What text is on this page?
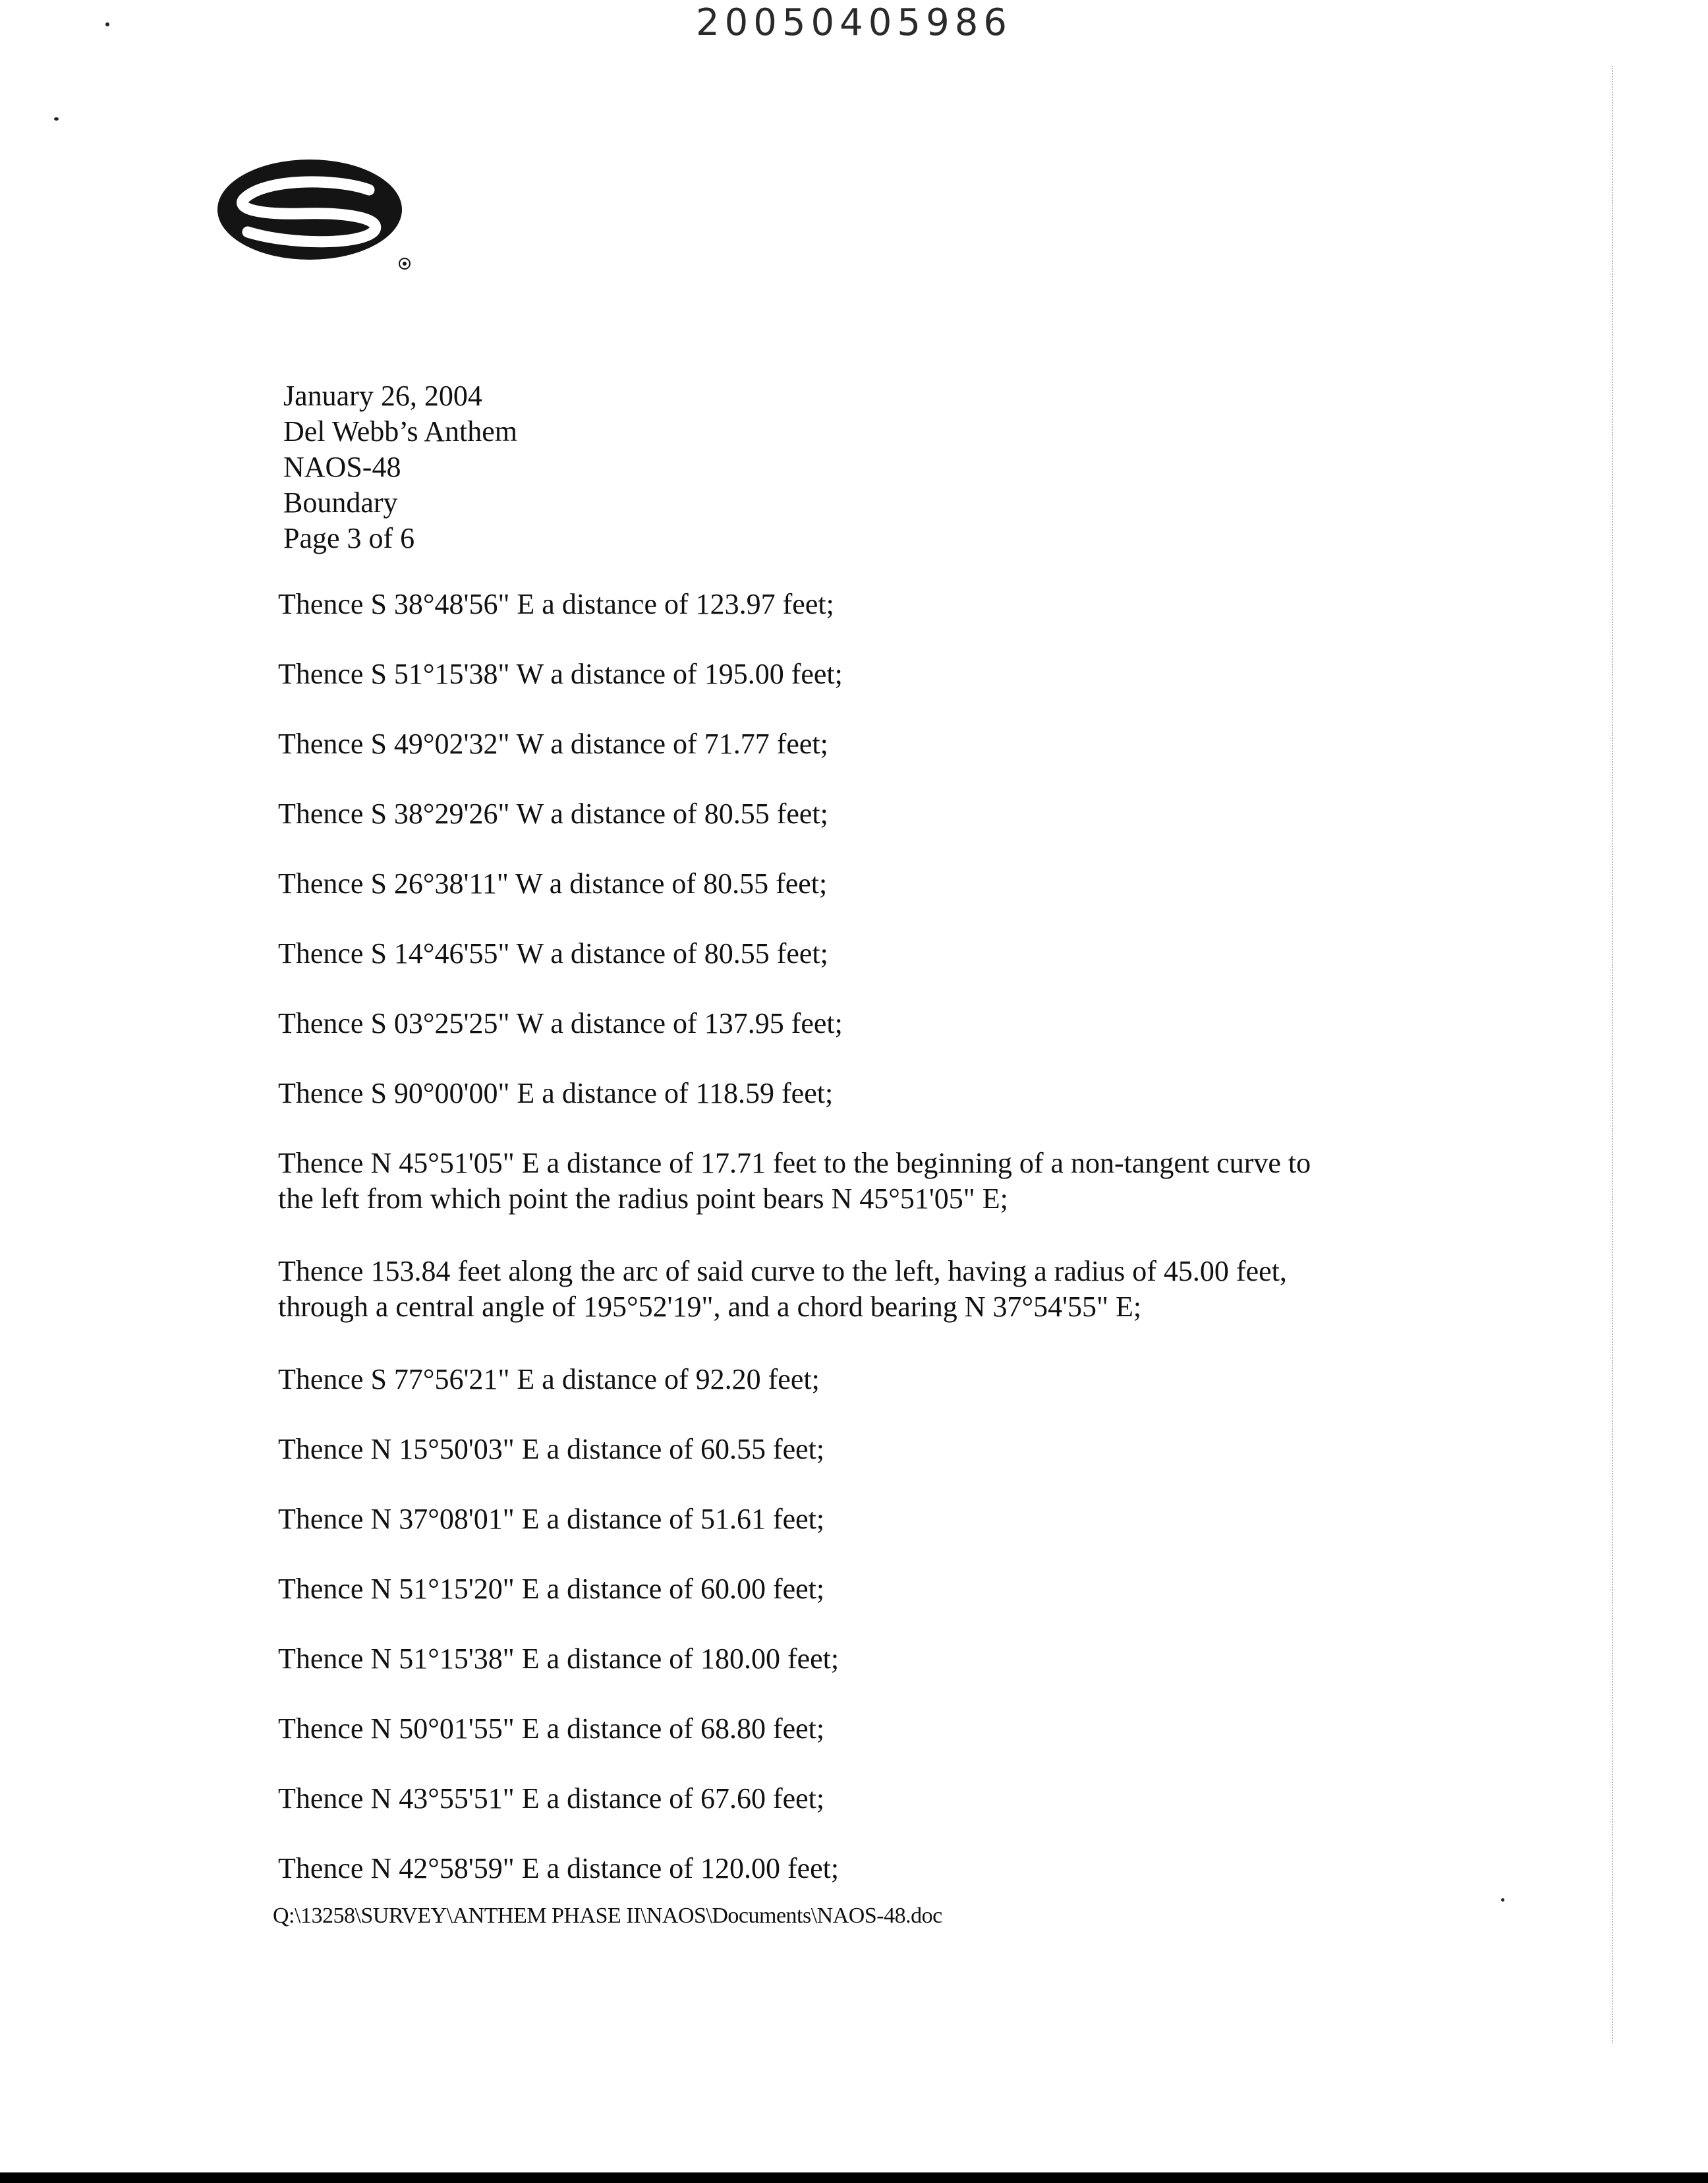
20050405986
January 26, 2004
Del Webb’s Anthem
NAOS-48
Boundary
Page 3 of 6
Thence S 38°48'56" E a distance of 123.97 feet;
Thence S 51°15'38" W a distance of 195.00 feet;
Thence S 49°02'32" W a distance of 71.77 feet;
Thence S 38°29'26" W a distance of 80.55 feet;
Thence S 26°38'11" W a distance of 80.55 feet;
Thence S 14°46'55" W a distance of 80.55 feet;
Thence S 03°25'25" W a distance of 137.95 feet;
Thence S 90°00'00" E a distance of 118.59 feet;
Thence N 45°51'05" E a distance of 17.71 feet to the beginning of a non-tangent curve to
the left from which point the radius point bears N 45°51'05" E;
Thence 153.84 feet along the arc of said curve to the left, having a radius of 45.00 feet,
through a central angle of 195°52'19", and a chord bearing N 37°54'55" E;
Thence S 77°56'21" E a distance of 92.20 feet;
Thence N 15°50'03" E a distance of 60.55 feet;
Thence N 37°08'01" E a distance of 51.61 feet;
Thence N 51°15'20" E a distance of 60.00 feet;
Thence N 51°15'38" E a distance of 180.00 feet;
Thence N 50°01'55" E a distance of 68.80 feet;
Thence N 43°55'51" E a distance of 67.60 feet;
Thence N 42°58'59" E a distance of 120.00 feet;
Q:\13258\SURVEY\ANTHEM PHASE II\NAOS\Documents\NAOS-48.doc
